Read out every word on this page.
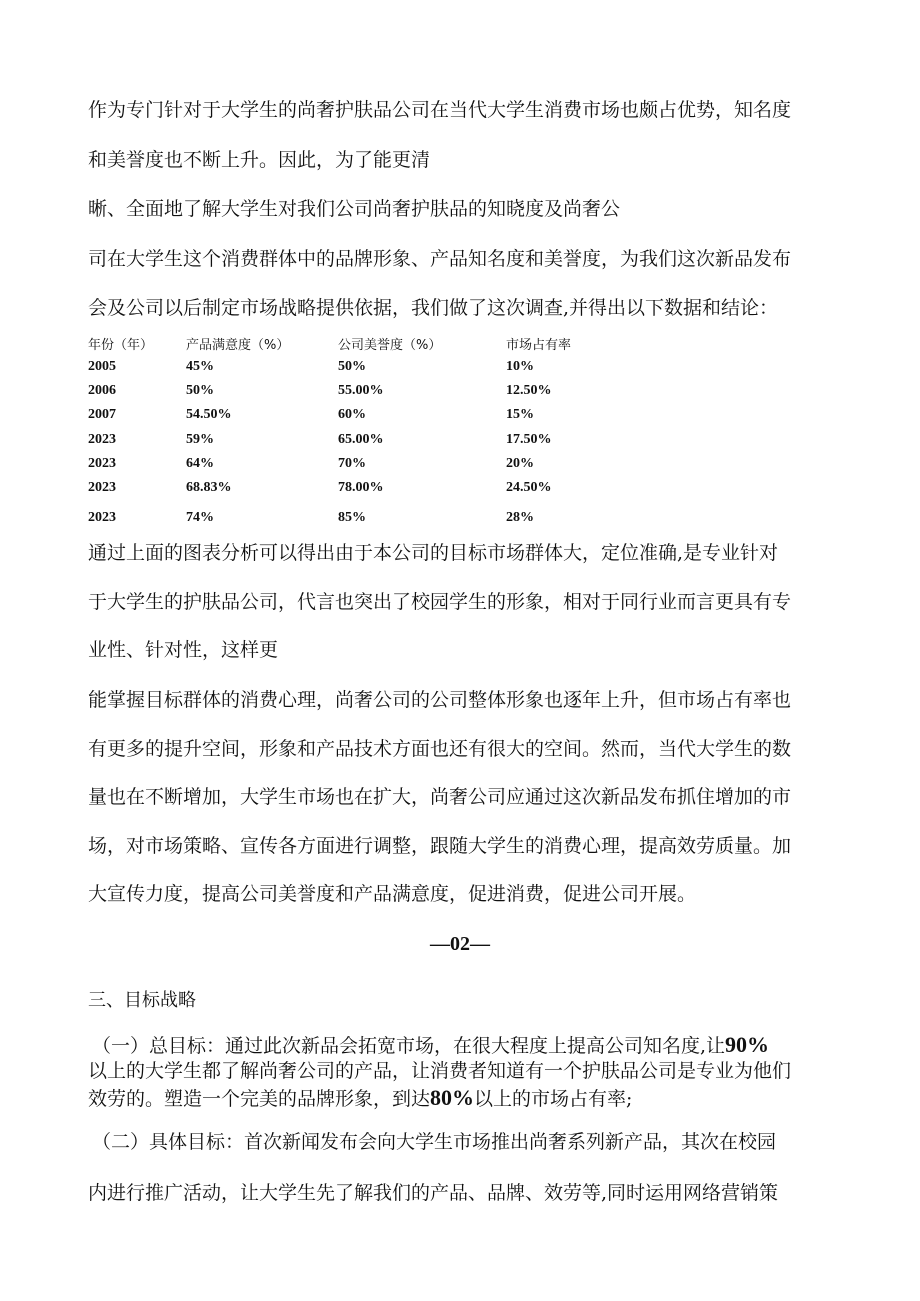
作为专门针对于大学生的尚奢护肤品公司在当代大学生消费市场也颇占优势，知名度
和美誉度也不断上升。因此，为了能更清
晰、全面地了解大学生对我们公司尚奢护肤品的知晓度及尚奢公
司在大学生这个消费群体中的品牌形象、产品知名度和美誉度，为我们这次新品发布
会及公司以后制定市场战略提供依据，我们做了这次调查,并得出以下数据和结论：
年份（年）	产品满意度（%）	公司美誉度（%）	市场占有率
2005	45%	50%	10%
2006	50%	55.00%	12.50%
2007	54.50%	60%	15%
2023	59%	65.00%	17.50%
2023	64%	70%	20%
2023	68.83%	78.00%	24.50%
2023	74%	85%	28%
通过上面的图表分析可以得出由于本公司的目标市场群体大，定位准确,是专业针对
于大学生的护肤品公司，代言也突出了校园学生的形象，相对于同行业而言更具有专
业性、针对性，这样更
能掌握目标群体的消费心理，尚奢公司的公司整体形象也逐年上升，但市场占有率也
有更多的提升空间，形象和产品技术方面也还有很大的空间。然而，当代大学生的数
量也在不断增加，大学生市场也在扩大，尚奢公司应通过这次新品发布抓住增加的市
场，对市场策略、宣传各方面进行调整，跟随大学生的消费心理，提高效劳质量。加
大宣传力度，提高公司美誉度和产品满意度，促进消费，促进公司开展。
—02—
三、目标战略
（一）总目标：通过此次新品会拓宽市场，在很大程度上提高公司知名度,让90%
以上的大学生都了解尚奢公司的产品，让消费者知道有一个护肤品公司是专业为他们
效劳的。塑造一个完美的品牌形象，到达80%以上的市场占有率;
（二）具体目标：首次新闻发布会向大学生市场推出尚奢系列新产品，其次在校园
内进行推广活动，让大学生先了解我们的产品、品牌、效劳等,同时运用网络营销策
